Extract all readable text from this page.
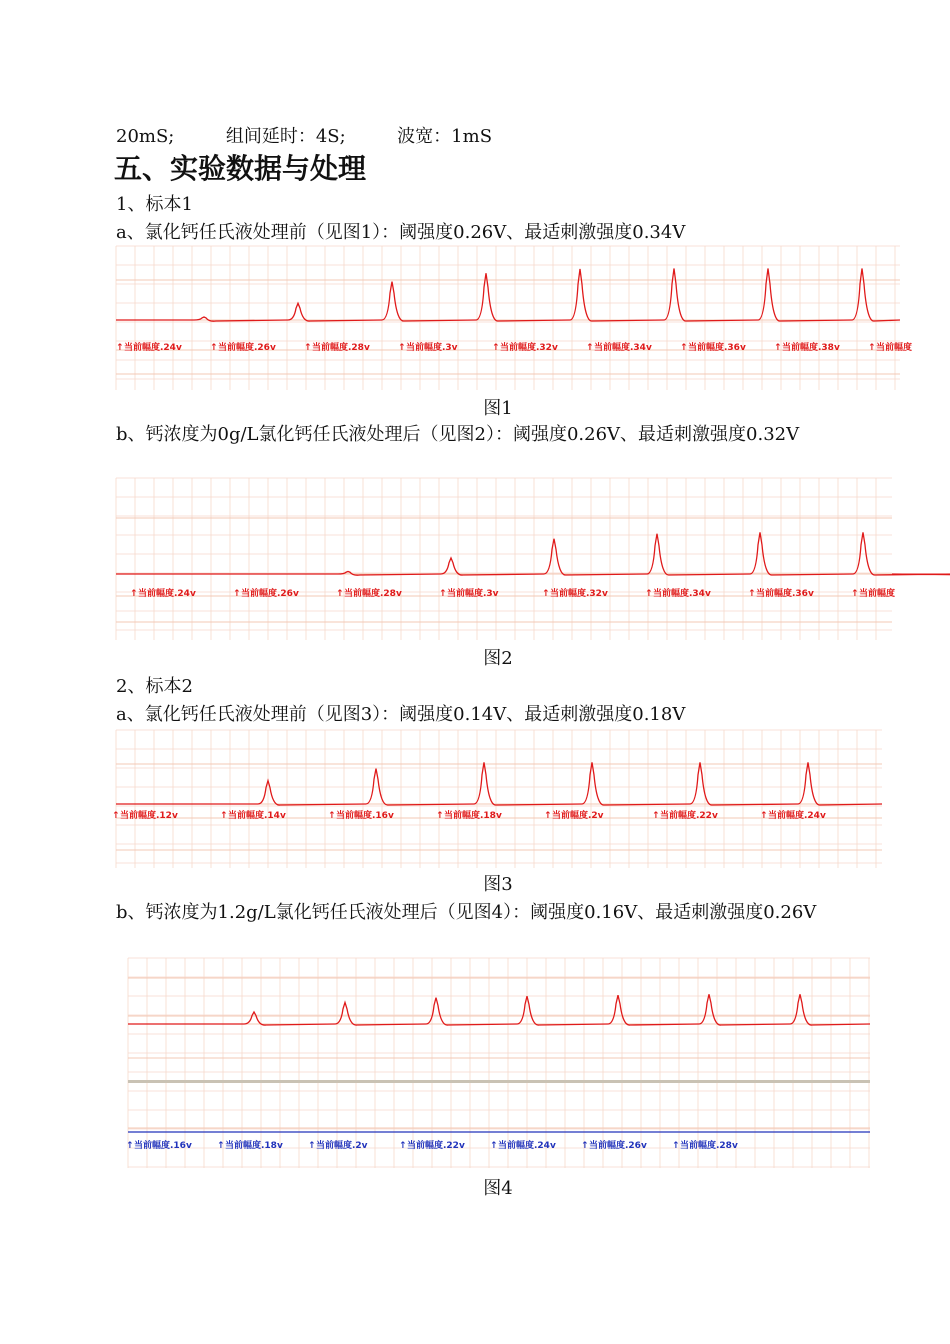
20mS;	组间延时：4S;	波宽：1mS
五、实验数据与处理
1、标本1
a、氯化钙任氏液处理前（见图1）：阈强度0.26V、最适刺激强度0.34V
↑ 当前幅度.24v	↑ 当前幅度.26v	↑ 当前幅度.28v	↑ 当前幅度.3v	↑ 当前幅度.32v	↑ 当前幅度.34v	↑ 当前幅度.36v	↑ 当前幅度.38v	↑ 当前幅度
图1
b、钙浓度为0g/L氯化钙任氏液处理后（见图2）：阈强度0.26V、最适刺激强度0.32V
↑ 当前幅度.24v	↑ 当前幅度.26v	↑ 当前幅度.28v	↑ 当前幅度.3v	↑ 当前幅度.32v	↑ 当前幅度.34v	↑ 当前幅度.36v	↑ 当前幅度
图2
2、标本2
a、氯化钙任氏液处理前（见图3）：阈强度0.14V、最适刺激强度0.18V
↑ 当前幅度.12v	↑ 当前幅度.14v	↑ 当前幅度.16v	↑ 当前幅度.18v	↑ 当前幅度.2v	↑ 当前幅度.22v	↑ 当前幅度.24v
图3
b、钙浓度为1.2g/L氯化钙任氏液处理后（见图4）：阈强度0.16V、最适刺激强度0.26V
↑ 当前幅度.16v	↑ 当前幅度.18v	↑ 当前幅度.2v	↑ 当前幅度.22v	↑ 当前幅度.24v	↑ 当前幅度.26v	↑ 当前幅度.28v
图4
